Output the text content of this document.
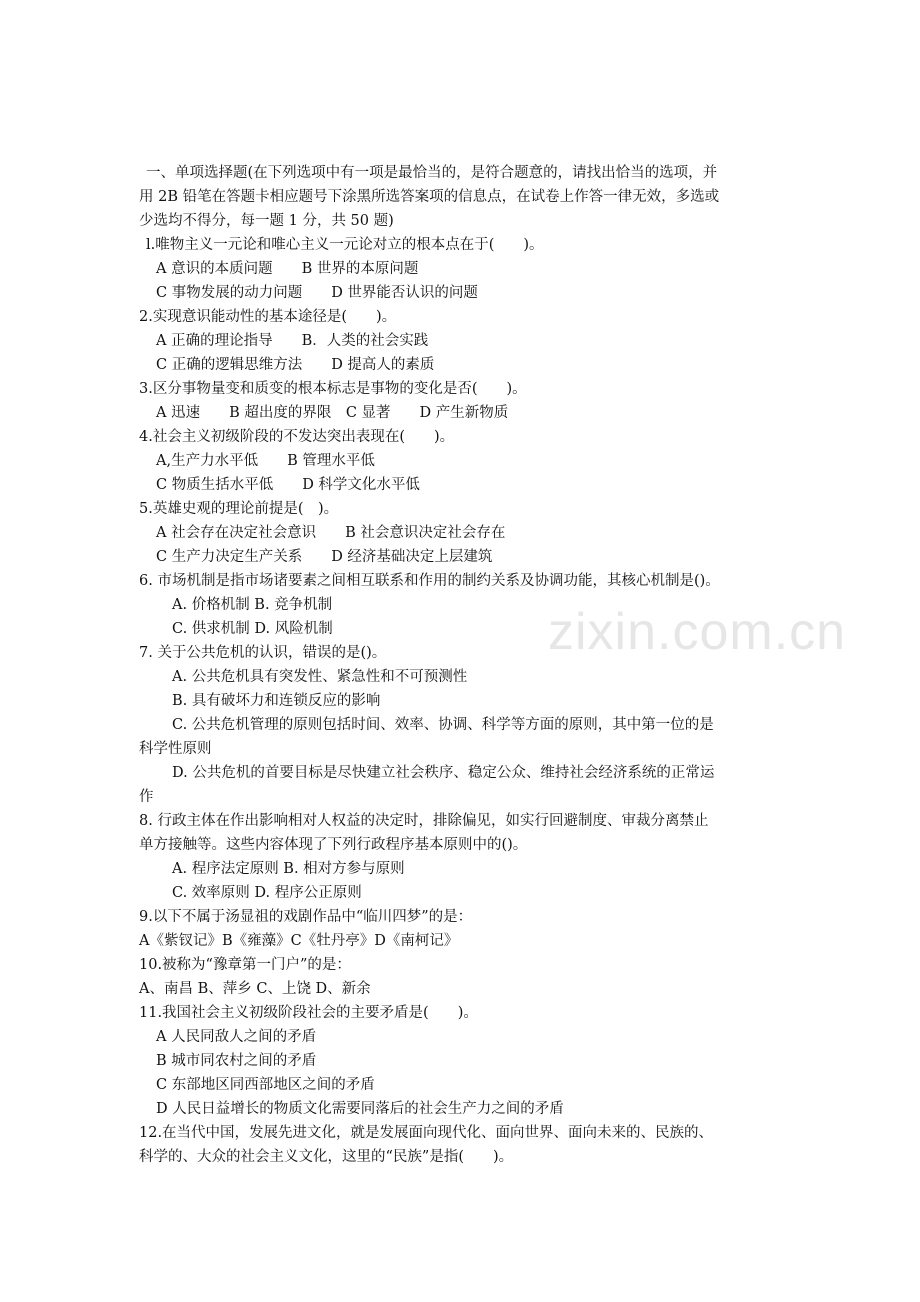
zixin.com.cn
一、单项选择题(在下列选项中有一项是最恰当的，是符合题意的，请找出恰当的选项，并
用 2B 铅笔在答题卡相应题号下涂黑所选答案项的信息点，在试卷上作答一律无效，多选或
少选均不得分，每一题 1 分，共 50 题)
l.唯物主义一元论和唯心主义一元论对立的根本点在于(　　)。
A 意识的本质问题　　B 世界的本原问题
C 事物发展的动力问题　　D 世界能否认识的问题
2.实现意识能动性的基本途径是(　　)。
A 正确的理论指导　　B．人类的社会实践
C 正确的逻辑思维方法　　D 提高人的素质
3.区分事物量变和质变的根本标志是事物的变化是否(　　)。
A 迅速　　B 超出度的界限　C 显著　　D 产生新物质
4.社会主义初级阶段的不发达突出表现在(　　)。
A,生产力水平低　　B 管理水平低
C 物质生括水平低　　D 科学文化水平低
5.英雄史观的理论前提是(　)。
A 社会存在决定社会意识　　B 社会意识决定社会存在
C 生产力决定生产关系　　D 经济基础决定上层建筑
6. 市场机制是指市场诸要素之间相互联系和作用的制约关系及协调功能，其核心机制是()。
A. 价格机制 B. 竞争机制
C. 供求机制 D. 风险机制
7. 关于公共危机的认识，错误的是()。
A. 公共危机具有突发性、紧急性和不可预测性
B. 具有破坏力和连锁反应的影响
C. 公共危机管理的原则包括时间、效率、协调、科学等方面的原则，其中第一位的是
科学性原则
D. 公共危机的首要目标是尽快建立社会秩序、稳定公众、维持社会经济系统的正常运
作
8. 行政主体在作出影响相对人权益的决定时，排除偏见，如实行回避制度、审裁分离禁止
单方接触等。这些内容体现了下列行政程序基本原则中的()。
A. 程序法定原则 B. 相对方参与原则
C. 效率原则 D. 程序公正原则
9.以下不属于汤显祖的戏剧作品中“临川四梦”的是：
A《紫钗记》B《雍藻》C《牡丹亭》D《南柯记》
10.被称为“豫章第一门户”的是：
A、南昌 B、萍乡 C、上饶 D、新余
11.我国社会主义初级阶段社会的主要矛盾是(　　)。
A 人民同敌人之间的矛盾
B 城市同农村之间的矛盾
C 东部地区同西部地区之间的矛盾
D 人民日益增长的物质文化需要同落后的社会生产力之间的矛盾
12.在当代中国，发展先进文化，就是发展面向现代化、面向世界、面向未来的、民族的、
科学的、大众的社会主义文化，这里的“民族”是指(　　)。
